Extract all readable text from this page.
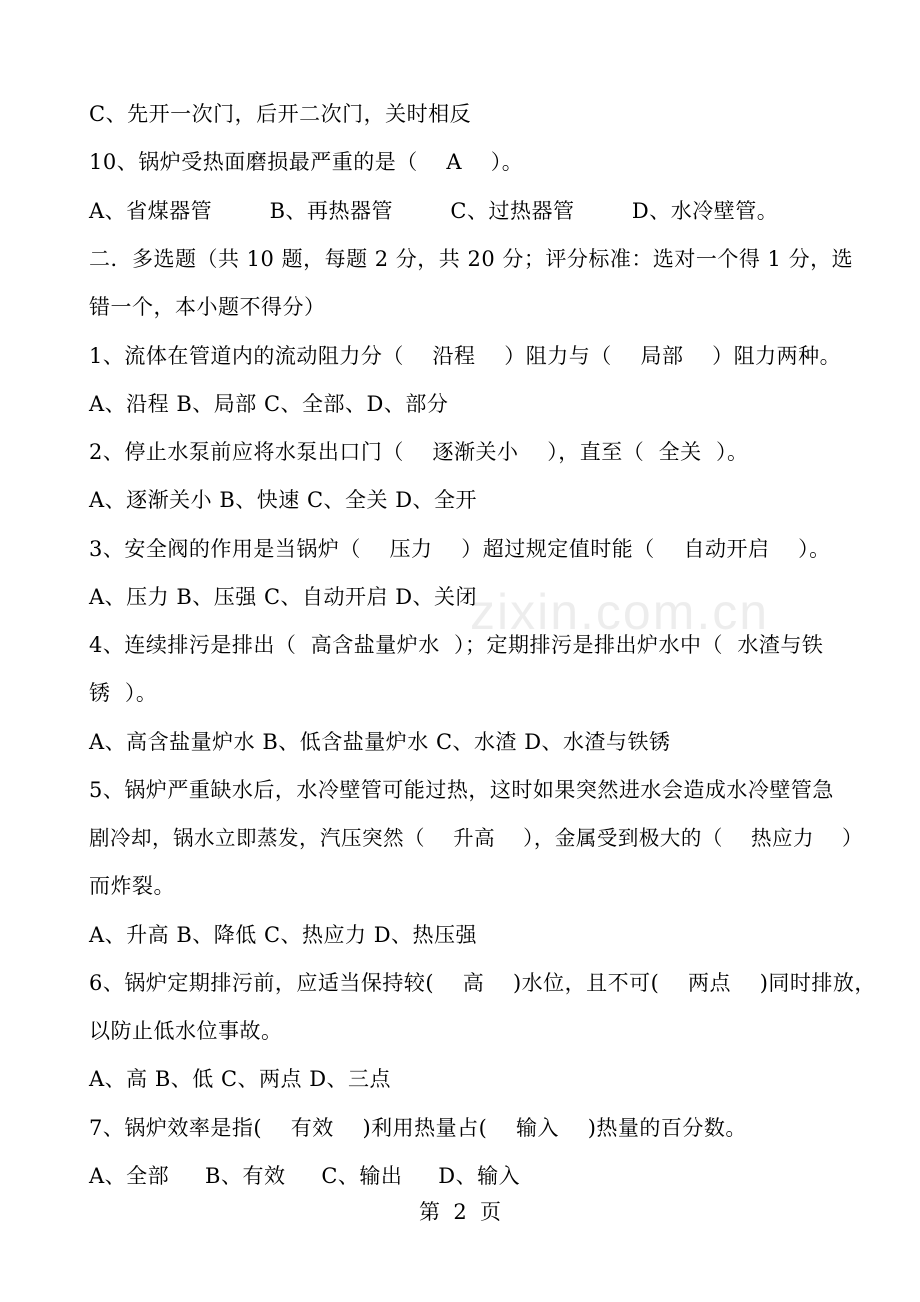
zixin.com.cn
C、先开一次门，后开二次门，关时相反
10、锅炉受热面磨损最严重的是（    A    ）。
A、省煤器管        B、再热器管        C、过热器管        D、水冷壁管。
二．多选题（共 10 题，每题 2 分，共 20 分；评分标准：选对一个得 1 分，选
错一个，本小题不得分）
1、流体在管道内的流动阻力分（    沿程    ）阻力与（    局部    ）阻力两种。
A、沿程 B、局部 C、全部、D、部分
2、停止水泵前应将水泵出口门（    逐渐关小    ），直至（  全关  ）。
A、逐渐关小 B、快速 C、全关 D、全开
3、安全阀的作用是当锅炉（    压力    ）超过规定值时能（    自动开启    ）。
A、压力 B、压强 C、自动开启 D、关闭
4、连续排污是排出（  高含盐量炉水  ）；定期排污是排出炉水中（  水渣与铁
锈  ）。
A、高含盐量炉水 B、低含盐量炉水 C、水渣 D、水渣与铁锈
5、锅炉严重缺水后，水冷壁管可能过热，这时如果突然进水会造成水冷壁管急
剧冷却，锅水立即蒸发，汽压突然（    升高    ），金属受到极大的（    热应力    ）
而炸裂。
A、升高 B、降低 C、热应力 D、热压强
6、锅炉定期排污前，应适当保持较(    高    )水位，且不可(    两点    )同时排放，
以防止低水位事故。
A、高 B、低 C、两点 D、三点
7、锅炉效率是指(    有效    )利用热量占(    输入    )热量的百分数。
A、全部     B、有效     C、输出     D、输入
第  2  页
